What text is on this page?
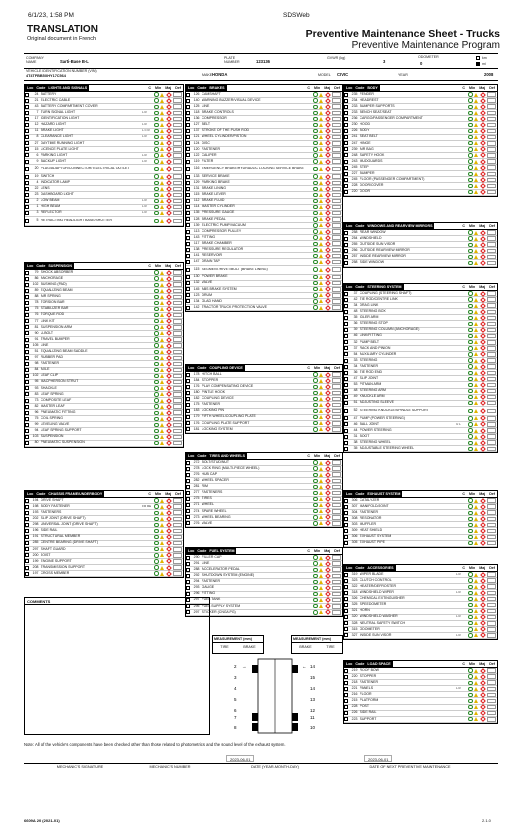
6/1/23, 1:58 PM	SDSWeb
TRANSLATION
Original document in French	Preventive Maintenance Sheet - Trucks
Preventive Maintenance Program
COMPANY NAME	Sarti-Base B-L
PLATE NUMBER	123136
GVWR (kg)
3
ODOMETER
0
km
mi
VEHICLE IDENTIFICATION NUMBER (VIN)
4T4TFBB5XHY17C564	MAKE HONDA	MODEL CIVIC	YEAR	2008
Loc Code LIGHTS AND SIGNALS	C Min Maj Def
24 BATTERY
21 ELECTRIC CABLE
43 BATTERY COMPARTMENT COVER
7 TURN SIGNAL LIGHT	L R
17 IDENTIFICATION LIGHT
12 HAZARD LIGHT	L R
11 BRAKE LIGHT	L C R
8 CLEARANCE LIGHT	L R
27 DAYTIME RUNNING LIGHT
15 LICENCE PLATE LIGHT
6 PARKING LIGHT	L R
9 BACKUP LIGHT	L R
20 PLUG/ADAPTOR/CONNECTOR/ ELECTRICAL OUTLET
19 SWITCH
4 INDICATOR LAMP
22 LENS
23 DASHBOARD LIGHT
2 LOW BEAM	L R
1 HIGH BEAM	L R
3 REFLECTOR	L R
5 RETRACTING HEADLIGHT BASE/SHUTTER
Loc Code SUSPENSION	C Min Maj Def
79 SHOCK ABSORBER
86 ANCHORAGE
102 BUSHING (PAD)
89 EQUALIZING BEAM
88 AIR SPRING
78 TORSION BAR
75 STABILIZER BAR
76 TORQUE ROD
77 LINK KIT
81 SUSPENSION ARM
90 U-BOLT
91 TRAVEL BUMPER
105 LINE
51 EQUALIZING BEAM SADDLE
97 RUBBER PAD
98 FASTENER
84 AXLE
102 LEAF CLIP
95 MACPHERSON STRUT
93 SHACKLE
83 LEAF SPRING
73 COMPOSITE LEAF
82 MASTER LEAF
96 PNEUMATIC FITTING
75 COIL SPRING
99 LEVELING VALVE
94 LEAF SPRING SUPPORT
103 SUSPENSION
80 PNEUMATIC SUSPENSION
Loc Code CHASSIS FRAME/UNDERBODY	C Min Maj Def
194 DRIVE SHAFT
198 BODY FASTENER	FR RE
193 FASTENERS
202 SLIP JOINT (DRIVE SHAFT)
298 UNIVERSAL JOINT (DRIVE SHAFT)
196 SIDE RAIL
191 STRUCTURAL MEMBER
285 CENTRE BEARING (DRIVE SHAFT)
297 SHAFT GUARD
200 JOIST
199 ENGINE SUPPORT
208 TRANSMISSION SUPPORT
197 CROSS MEMBER
Loc Code BRAKES	C Min Maj Def
126 CAMSHAFT
140 WARNING BUZZER/VISUAL DEVICE
125 LINE
118 BRAKE CONTROLS
136 COMPRESSOR
127 BELT
137 STROKE OF THE PUSH ROD
121 WHEEL CYLINDER/PISTON
124 DISC
120 FASTENER
122 CALIPER
119 FILTER
116 EMERGENCY BRAKE/HYDRAULIC LOCKING SERVICE BRAKE
133 SERVICE BRAKE
129 PARKING BRAKE
131 BRAKE LINING
115 BRAKE LEVER
112 BRAKE FLUID
114 MASTER CYLINDER
135 PRESSURE GAUGE
128 BRAKE PEDAL
139 ELECTRIC PUMP/VACUUM
113 COMPRESSOR PULLEY
143 FITTING
117 BRAKE CHAMBER
138 PRESSURE REGULATOR
141 RESERVOIR
147 DRAIN TAP
115 SEGMENT/RIVET/BOLT (BRAKE LINING)
130 POWER BRAKE
132 VALVE
145 ABS BRAKE SYSTEM
123 DRUM
134 GLAD HAND
142 TRACTOR TRUCK PROTECTION VALVE
Loc Code COUPLING DEVICE	C Min Maj Def
178 HITCH BALL
184 STOPPER
176 PLAY COMPENSATING DEVICE
180 PINTLE HOOK
182 COUPLING DEVICE
175 FASTENER
183 LOCKING PIN
179 FIFTH WHEEL/COUPLING PLATE
176 COUPLING PLATE SUPPORT
181 LOCKING SYSTEM
Loc Code TIRES AND WHEELS	C Min Maj Def
272 BOLT/STUD/NUT
278 LOCK RING (MULTI-PIECE WHEEL)
276 HUB CAP
282 WHEEL SPACER
281 RIM
277 FASTENERS
275 TIRES
271 WHEEL
274 SPARE WHEEL
273 WHEEL BEARING
276 VALVE
Loc Code FUEL SYSTEM	C Min Maj Def
290 FILLER CAP
291 LINE
288 ACCELERATOR PEDAL
292 SHUTDOWN SYSTEM (ENGINE)
294 FASTENER
293 GAUGE
296 FITTING
297 FUEL TANK
295 FUEL SUPPLY SYSTEM
297 STICKER (CNG/LPG)
Loc Code BODY	C Min Maj Def
235 FENDER
234 HEADREST
233 BUMPER SUPPORTS
233 BENCH SEAT/SEAT
236 CARGO/PASSENGER COMPARTMENT
230 HOOD
226 BODY
241 SEAT BELT
247 HINGE
239 AIR BAG
248 SAFETY HOOK
243 MUDGUARDS
245 STEP
227 BUMPER
245 FLOOR (PASSENGER COMPARTMENT)
228 DOOR/COVER
220 DOOR
Loc Code WINDOWS AND REARVIEW MIRRORS	C Min Maj Def
258 REAR WINDOW
254 WINDSHIELD
255 OUTSIDE SUN VISOR
256 OUTSIDE REARVIEW MIRROR
257 INSIDE REARVIEW MIRROR
258 SIDE WINDOW
Loc Code STEERING SYSTEM	C Min Maj Def
37 COUPLING (STEERING SHAFT)
42 TIE ROD/CENTRE LINK
34 DRAG LINK
48 STEERING BOX
35 IDLER ARM
36 STEERING STOP
39 STEERING COLUMN (ANCHORAGE)
46 LINK/FITTING
32 PUMP BELT
37 RACK AND PINION
54 AUXILIARY CYLINDER
33 STEERING
34 FASTENER
36 TIE ROD END
47 SLIP JOINT
53 PITMAN ARM
48 STEERING ARM
49 KNUCKLE ARM
51 ADJUSTING SLEEVE
52 STEERING KNUCKLE/SPINDLE SUPPORT
47 PUMP (POWER STEERING)
46 BALL JOINT	U L
44 POWER STEERING
31 BOOT
38 STEERING WHEEL
35 ADJUSTABLE STEERING WHEEL
Loc Code EXHAUST SYSTEM	C Min Maj Def
306 CATALYZER
307 MANIFOLD/JOINT
304 FASTENER
308 RESONATOR
303 MUFFLER
309 HEAT SHIELD
306 EXHAUST SYSTEM
305 EXHAUST PIPE
Loc Code ACCESSORIES	C Min Maj Def
319 WIPER BLADE	L R
323 CLUTCH CONTROL
322 HEATER/DEFROSTER
318 WINDSHIELD WIPER	L R
326 CHEMICAL EXTINGUISHER
325 SPEEDOMETER
321 HORN
320 WINDSHIELD WASHER	L R
328 NEUTRAL SAFETY SWITCH
315 ODOMETER
327 INSIDE SUN VISOR	L R
Loc Code LOAD SPACE	C Min Maj Def
219 ROOF BOW
220 STOPPER
218 FASTENER
221 PANELS	L R
216 FLOOR
215 PLATFORM
228 POST
226 SIDE RAIL
223 SUPPORT
COMMENTS
MEASUREMENT (mm)
TIRE	BRAKE
MEASUREMENT (mm)
BRAKE	TIRE
2 →
3
4
5
6
7
8
← 14
15
14
13
12
11
10
Note: All of the vehicle's components have been checked other than those related to photometrics and the sound level of the exhaust system.
2023-06-01	2023-06-01
MECHANIC'S SIGNATURE	MECHANIC'S NUMBER	DATE (YEAR-MONTH-DAY)	DATE OF NEXT PREVENTIVE MAINTENANCE
6609A 20 (2021-01)	2.1.0
